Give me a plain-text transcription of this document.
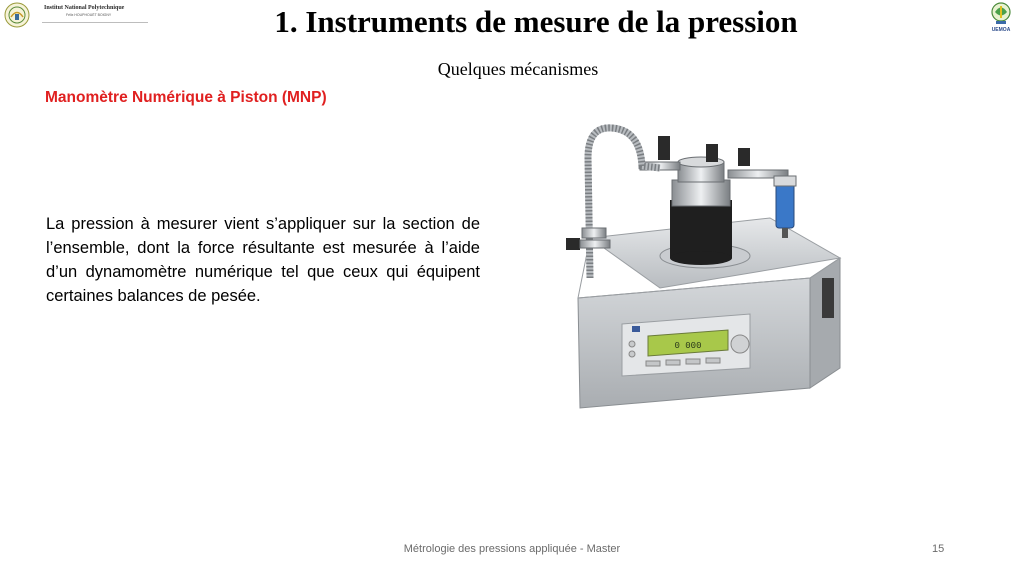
Institut National Polytechnique
Félix HOUPHOUËT BOIGNY
UEMOA
1. Instruments de mesure de la pression
Quelques mécanismes
Manomètre Numérique à Piston (MNP)

La pression à mesurer vient s’appliquer sur la section de l’ensemble, dont la force résultante est mesurée à l’aide d’un dynamomètre numérique tel que ceux qui équipent certaines balances de pesée.

0 000
Métrologie des pressions appliquée - Master	15
